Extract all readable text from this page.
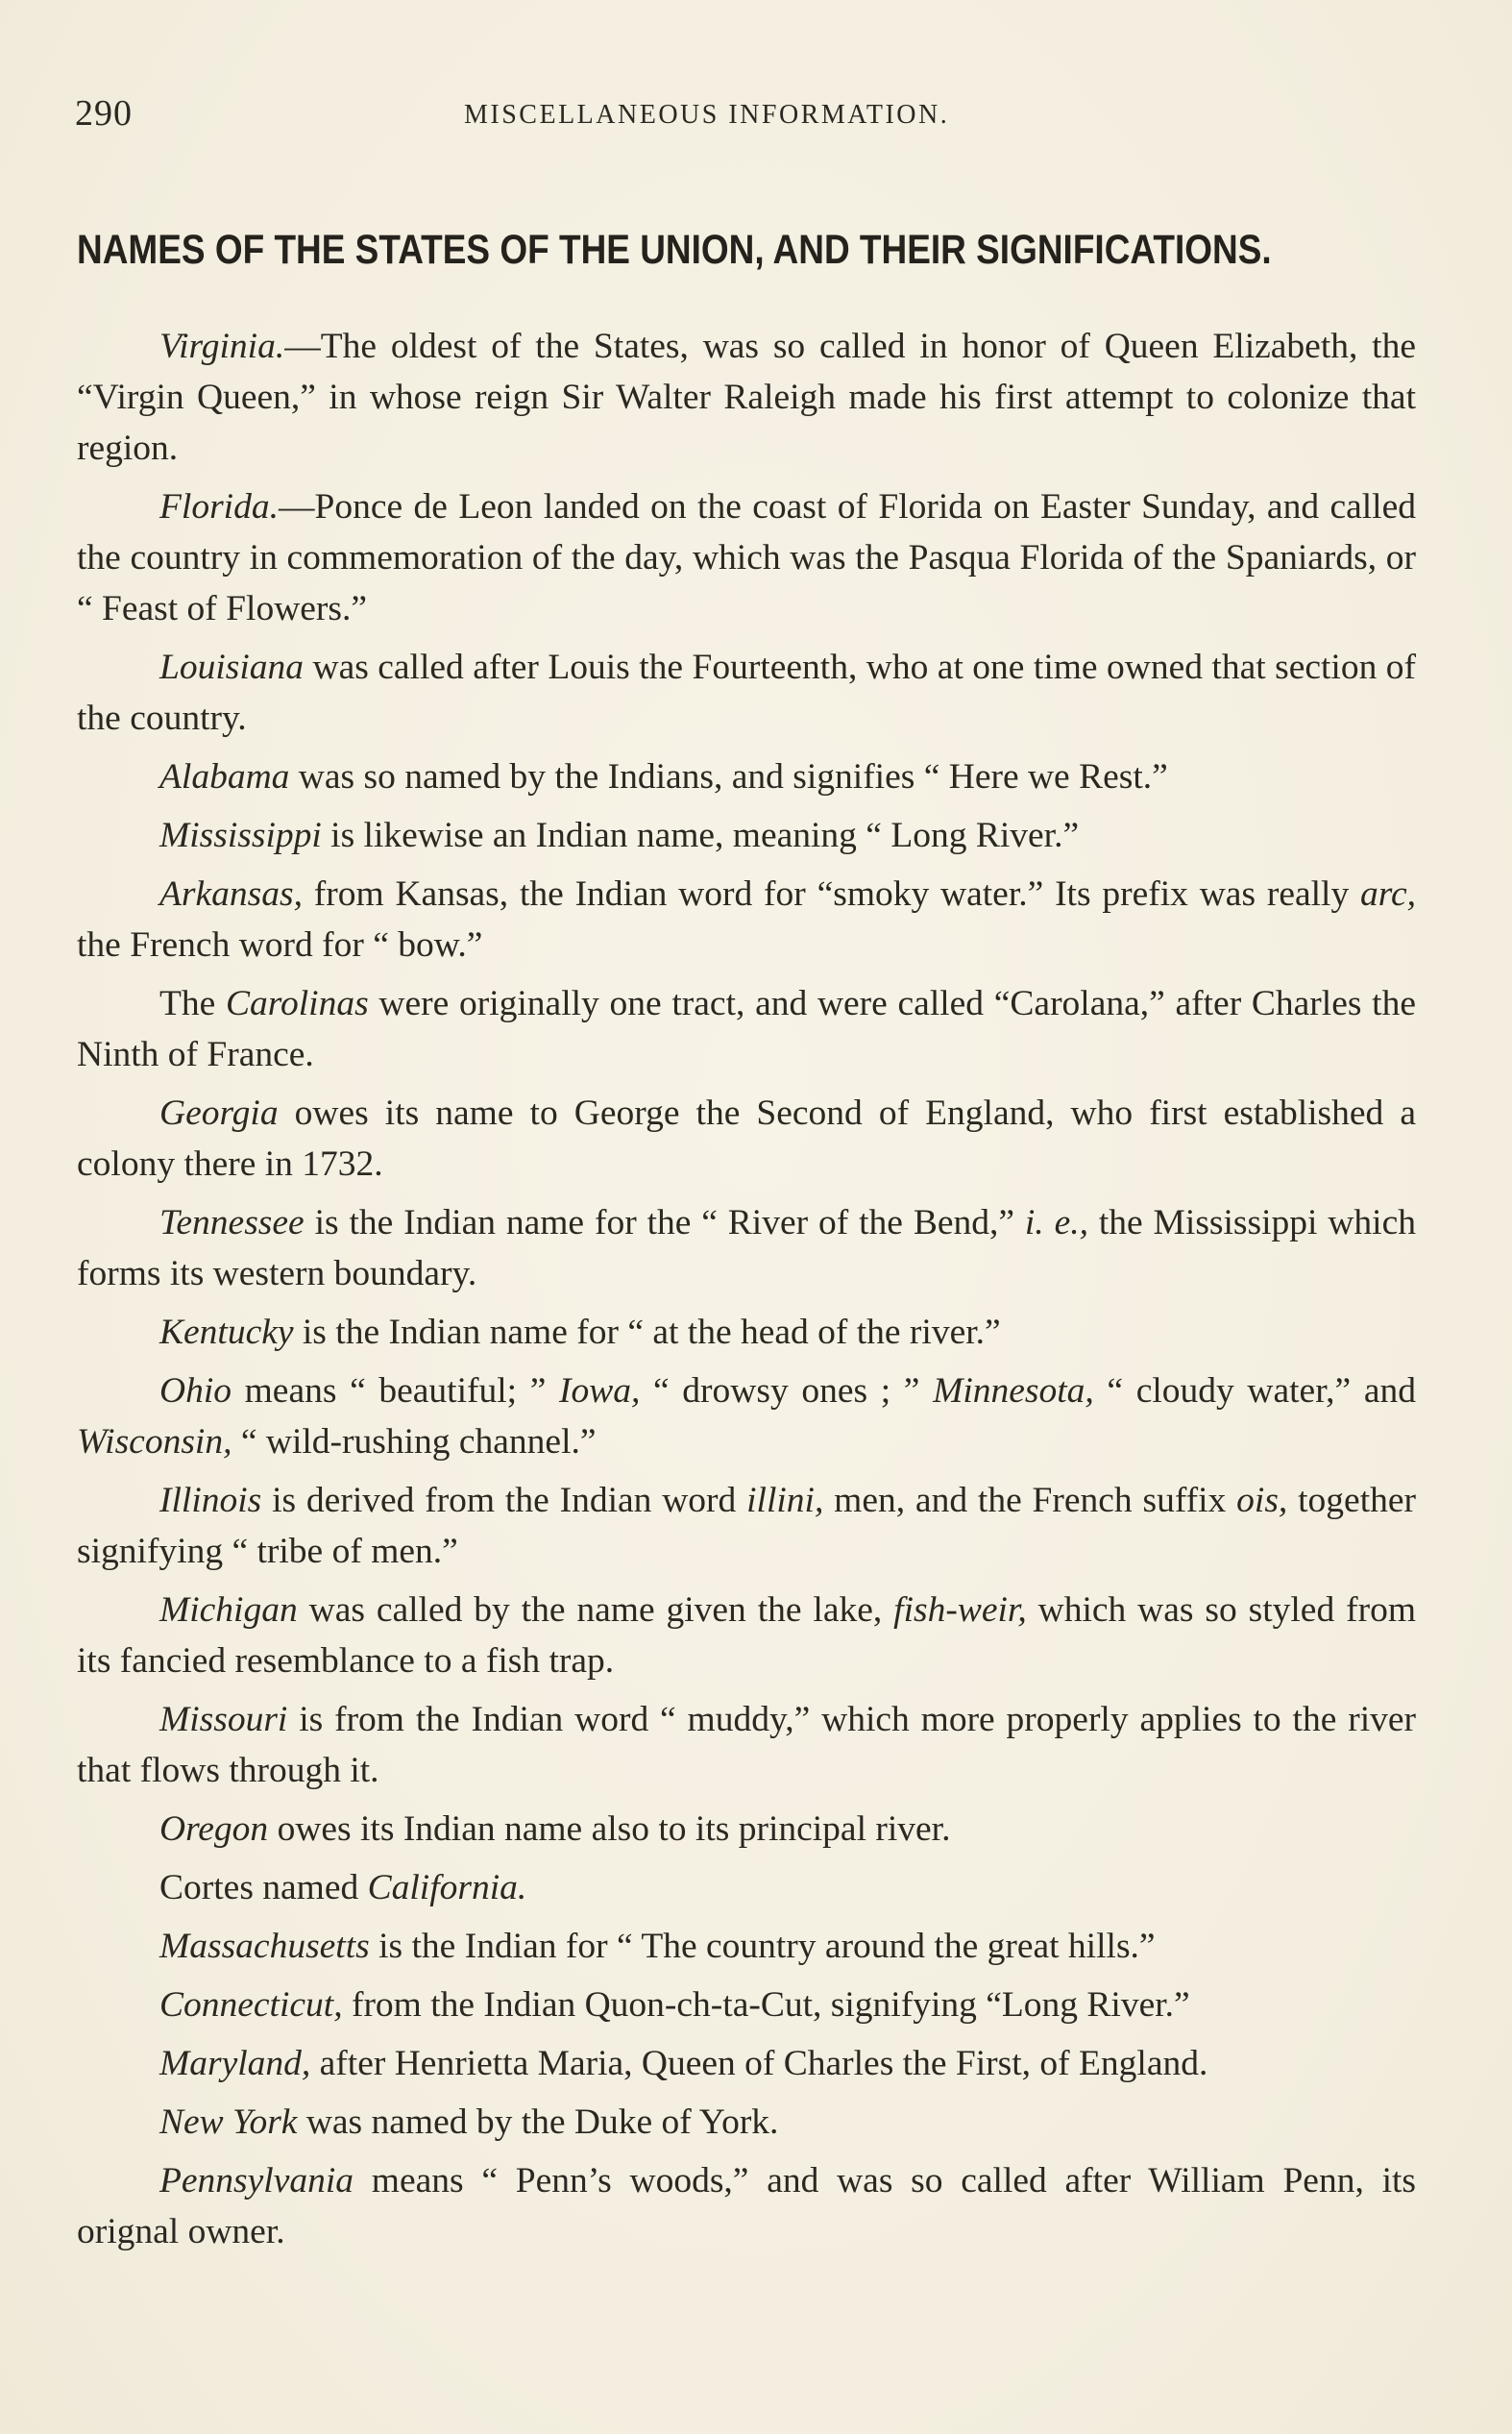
290	MISCELLANEOUS INFORMATION.
NAMES OF THE STATES OF THE UNION, AND THEIR SIGNIFICATIONS.

Virginia.—The oldest of the States, was so called in honor of Queen Elizabeth, the “Virgin Queen,” in whose reign Sir Walter Raleigh made his first attempt to colonize that region.

Florida.—Ponce de Leon landed on the coast of Florida on Easter Sunday, and called the country in commemoration of the day, which was the Pasqua Florida of the Spaniards, or “ Feast of Flowers.”

Louisiana was called after Louis the Fourteenth, who at one time owned that section of the country.

Alabama was so named by the Indians, and signifies “ Here we Rest.”

Mississippi is likewise an Indian name, meaning “ Long River.”

Arkansas, from Kansas, the Indian word for “smoky water.” Its prefix was really arc, the French word for “ bow.”

The Carolinas were originally one tract, and were called “Carolana,” after Charles the Ninth of France.

Georgia owes its name to George the Second of England, who first established a colony there in 1732.

Tennessee is the Indian name for the “ River of the Bend,” i. e., the Mississippi which forms its western boundary.

Kentucky is the Indian name for “ at the head of the river.”

Ohio means “ beautiful; ” Iowa, “ drowsy ones ; ” Minnesota, “ cloudy water,” and Wisconsin, “ wild-rushing channel.”

Illinois is derived from the Indian word illini, men, and the French suffix ois, together signifying “ tribe of men.”

Michigan was called by the name given the lake, fish-weir, which was so styled from its fancied resemblance to a fish trap.

Missouri is from the Indian word “ muddy,” which more properly applies to the river that flows through it.

Oregon owes its Indian name also to its principal river.

Cortes named California.

Massachusetts is the Indian for “ The country around the great hills.”

Connecticut, from the Indian Quon-ch-ta-Cut, signifying “Long River.”

Maryland, after Henrietta Maria, Queen of Charles the First, of England.

New York was named by the Duke of York.

Pennsylvania means “ Penn’s woods,” and was so called after William Penn, its orignal owner.
